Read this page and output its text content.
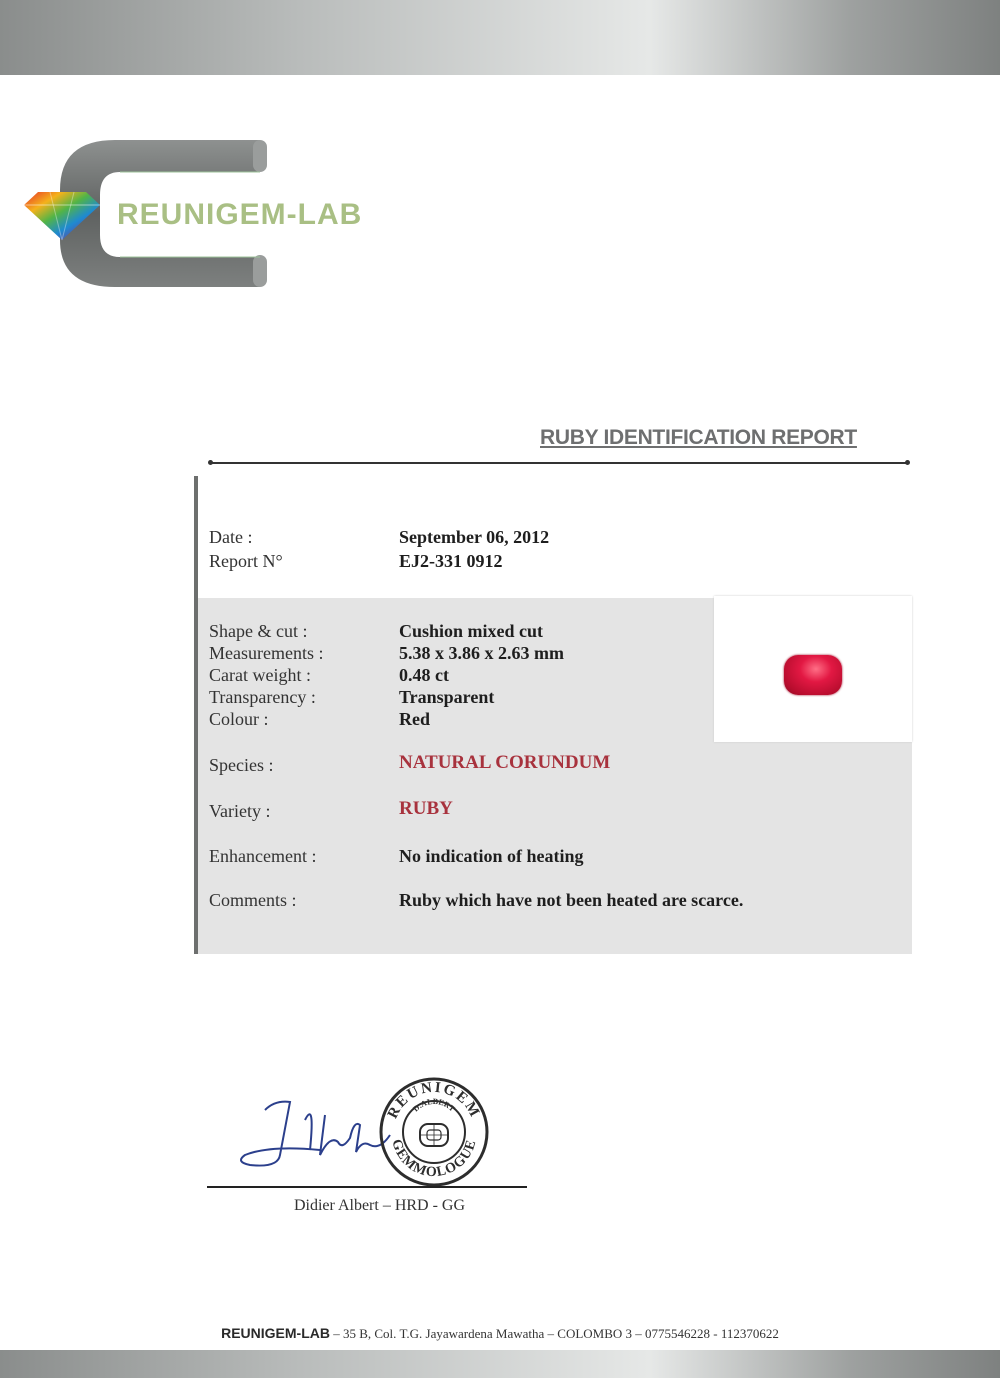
REUNIGEM-LAB
RUBY IDENTIFICATION REPORT
Date :	September 06, 2012
Report N°	EJ2-331 0912
Shape & cut :	Cushion mixed cut
Measurements :	5.38 x 3.86 x 2.63 mm
Carat weight :	0.48 ct
Transparency :	Transparent
Colour :	Red
Species :	NATURAL CORUNDUM
Variety :	RUBY
Enhancement :	No indication of heating
Comments :	Ruby which have not been heated are scarce.
REUNIGEM
GEMMOLOGUE
D.ALBERT
Didier Albert – HRD - GG
REUNIGEM-LAB – 35 B, Col. T.G. Jayawardena Mawatha – COLOMBO 3 – 0775546228 - 112370622
